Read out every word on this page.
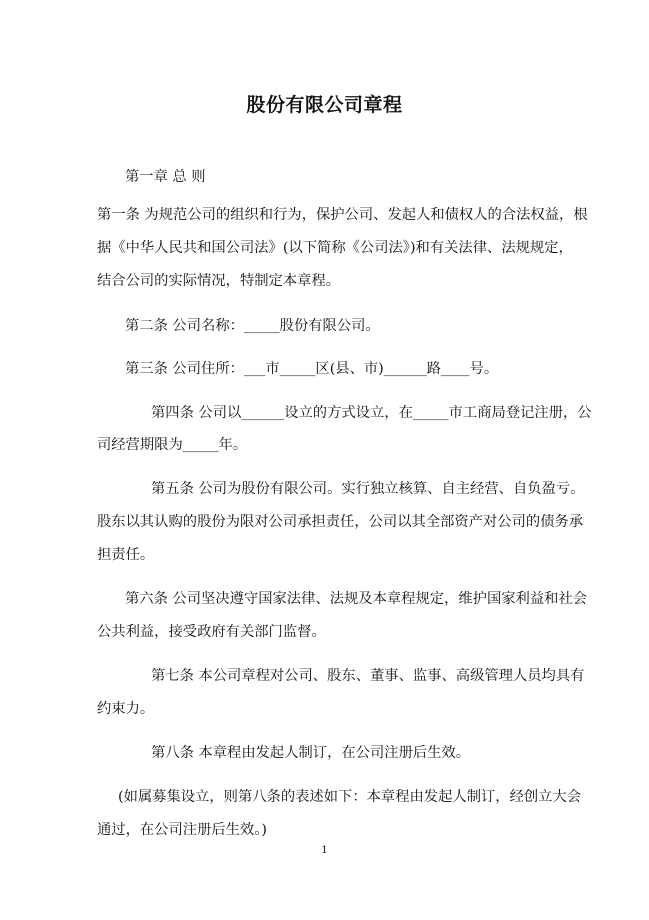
股份有限公司章程
第一章 总 则
第一条 为规范公司的组织和行为，保护公司、发起人和债权人的合法权益，根
据《中华人民共和国公司法》(以下简称《公司法》)和有关法律、法规规定，
结合公司的实际情况，特制定本章程。
第二条 公司名称：_____股份有限公司。
第三条 公司住所：___市_____区(县、市)______路____号。
第四条 公司以______设立的方式设立，在_____市工商局登记注册，公
司经营期限为_____年。
第五条 公司为股份有限公司。实行独立核算、自主经营、自负盈亏。
股东以其认购的股份为限对公司承担责任，公司以其全部资产对公司的债务承
担责任。
第六条 公司坚决遵守国家法律、法规及本章程规定，维护国家利益和社会
公共利益，接受政府有关部门监督。
第七条 本公司章程对公司、股东、董事、监事、高级管理人员均具有
约束力。
第八条 本章程由发起人制订，在公司注册后生效。
(如属募集设立，则第八条的表述如下：本章程由发起人制订，经创立大会
通过，在公司注册后生效。)
1
